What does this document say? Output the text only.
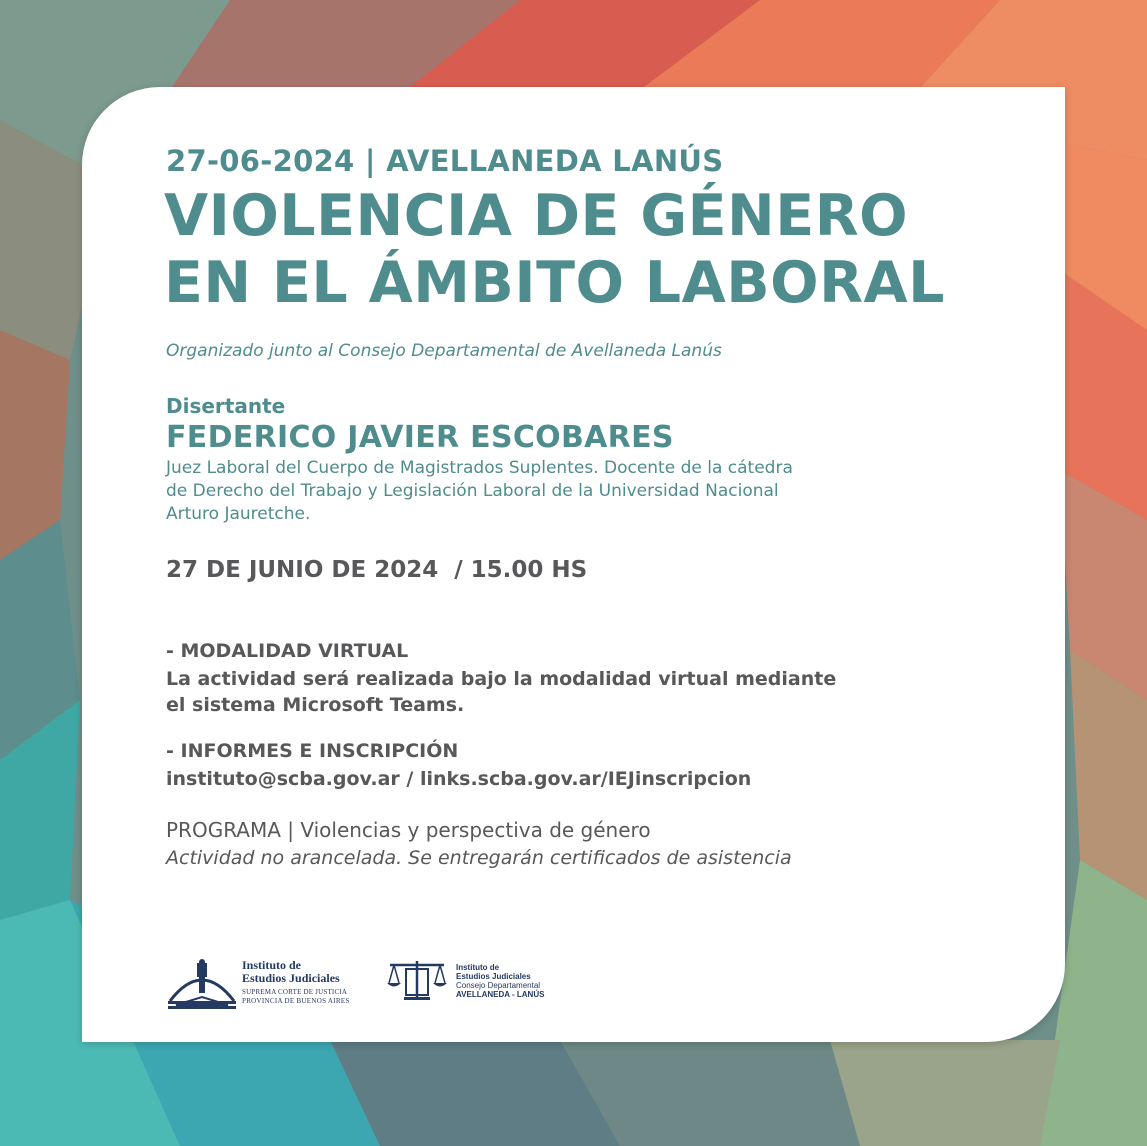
27-06-2024 | AVELLANEDA LANÚS

VIOLENCIA DE GÉNERO
EN EL ÁMBITO LABORAL

Organizado junto al Consejo Departamental de Avellaneda Lanús

Disertante

FEDERICO JAVIER ESCOBARES

Juez Laboral del Cuerpo de Magistrados Suplentes. Docente de la cátedra
de Derecho del Trabajo y Legislación Laboral de la Universidad Nacional
Arturo Jauretche.

27 DE JUNIO DE 2024  / 15.00 HS

- MODALIDAD VIRTUAL

La actividad será realizada bajo la modalidad virtual mediante
el sistema Microsoft Teams.

- INFORMES E INSCRIPCIÓN

instituto@scba.gov.ar / links.scba.gov.ar/IEJinscripcion

PROGRAMA | Violencias y perspectiva de género

Actividad no arancelada. Se entregarán certificados de asistencia

Instituto de
Estudios Judiciales
SUPREMA CORTE DE JUSTICIA
PROVINCIA DE BUENOS AIRES
Instituto de
Estudios Judiciales
Consejo Departamental
AVELLANEDA - LANÚS
